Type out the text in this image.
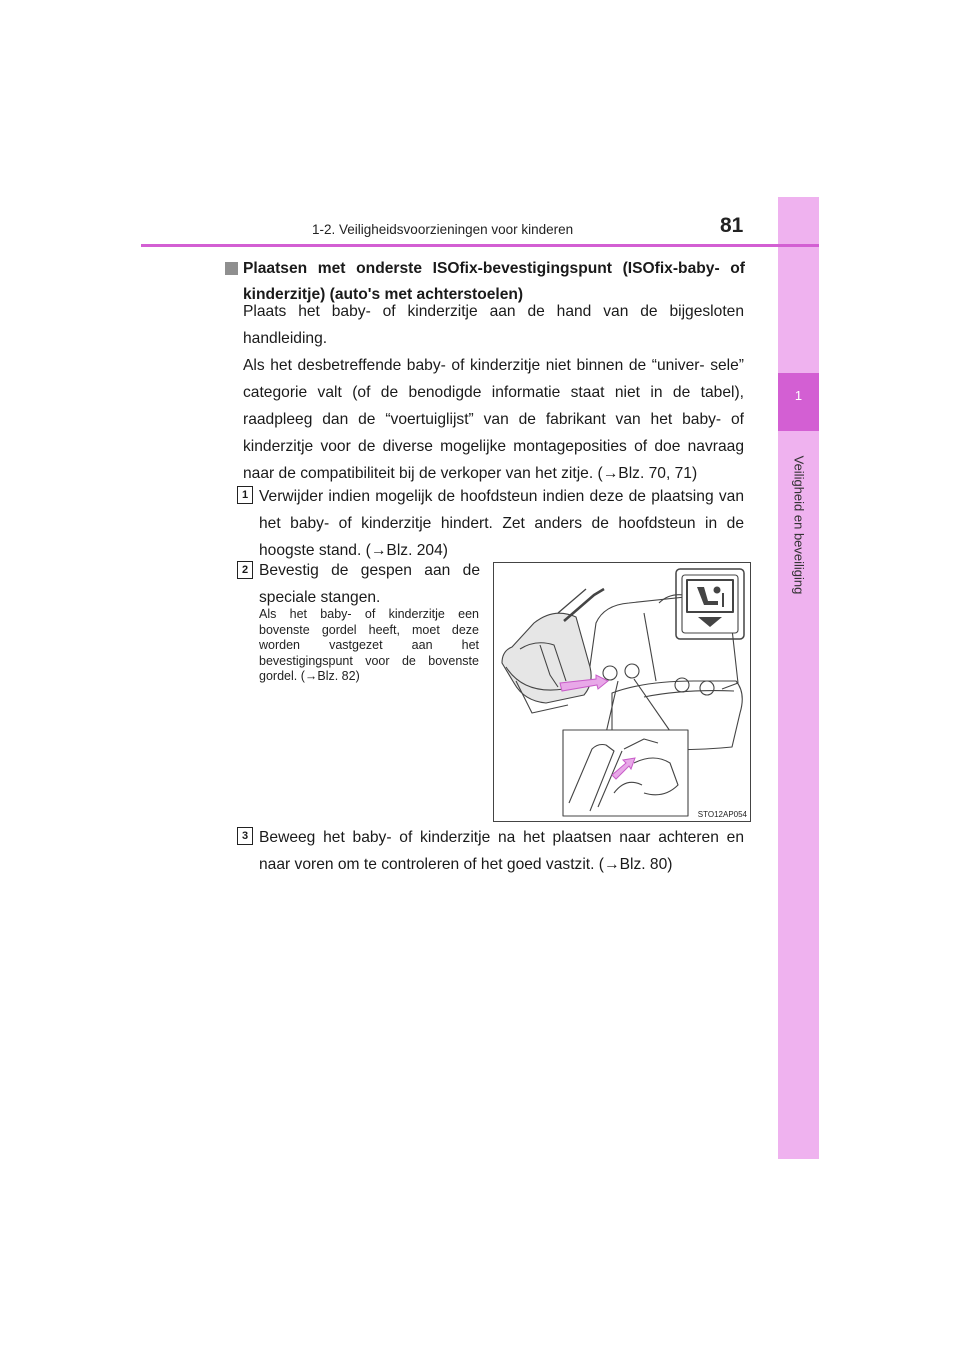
1
Veiligheid en beveiliging
1-2. Veiligheidsvoorzieningen voor kinderen	81
Plaatsen met onderste ISOfix-bevestigingspunt (ISOfix-baby- of kinderzitje) (auto's met achterstoelen)
Plaats het baby- of kinderzitje aan de hand van de bijgesloten handleiding.
Als het desbetreffende baby- of kinderzitje niet binnen de “univer- sele” categorie valt (of de benodigde informatie staat niet in de tabel), raadpleeg dan de “voertuiglijst” van de fabrikant van het baby- of kinderzitje voor de diverse mogelijke montageposities of doe navraag naar de compatibiliteit bij de verkoper van het zitje. (→Blz. 70, 71)
1 Verwijder indien mogelijk de hoofdsteun indien deze de plaatsing van het baby- of kinderzitje hindert. Zet anders de hoofdsteun in de hoogste stand. (→Blz. 204)
2 Bevestig de gespen aan de speciale stangen.
Als het baby- of kinderzitje een bovenste gordel heeft, moet deze worden vastgezet aan het bevestigingspunt voor de bovenste gordel. (→Blz. 82)
STO12AP054
3 Beweeg het baby- of kinderzitje na het plaatsen naar achteren en naar voren om te controleren of het goed vastzit. (→Blz. 80)
